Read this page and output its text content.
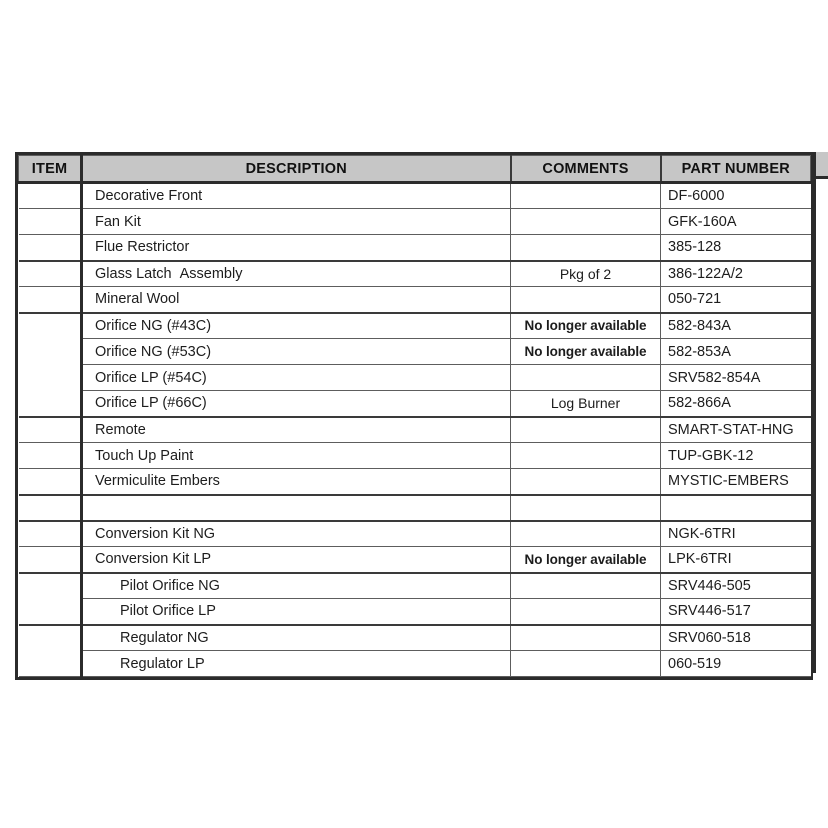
ITEM	DESCRIPTION	COMMENTS	PART NUMBER
	Decorative Front		DF-6000
	Fan Kit		GFK-160A
	Flue Restrictor		385-128
	Glass Latch  Assembly	Pkg of 2	386-122A/2
	Mineral Wool		050-721
	Orifice NG (#43C)	No longer available	582-843A
	Orifice NG (#53C)	No longer available	582-853A
	Orifice LP (#54C)		SRV582-854A
	Orifice LP (#66C)	Log Burner	582-866A
	Remote		SMART-STAT-HNG
	Touch Up Paint		TUP-GBK-12
	Vermiculite Embers		MYSTIC-EMBERS

	Conversion Kit NG		NGK-6TRI
	Conversion Kit LP	No longer available	LPK-6TRI
	Pilot Orifice NG		SRV446-505
	Pilot Orifice LP		SRV446-517
	Regulator NG		SRV060-518
	Regulator LP		060-519
